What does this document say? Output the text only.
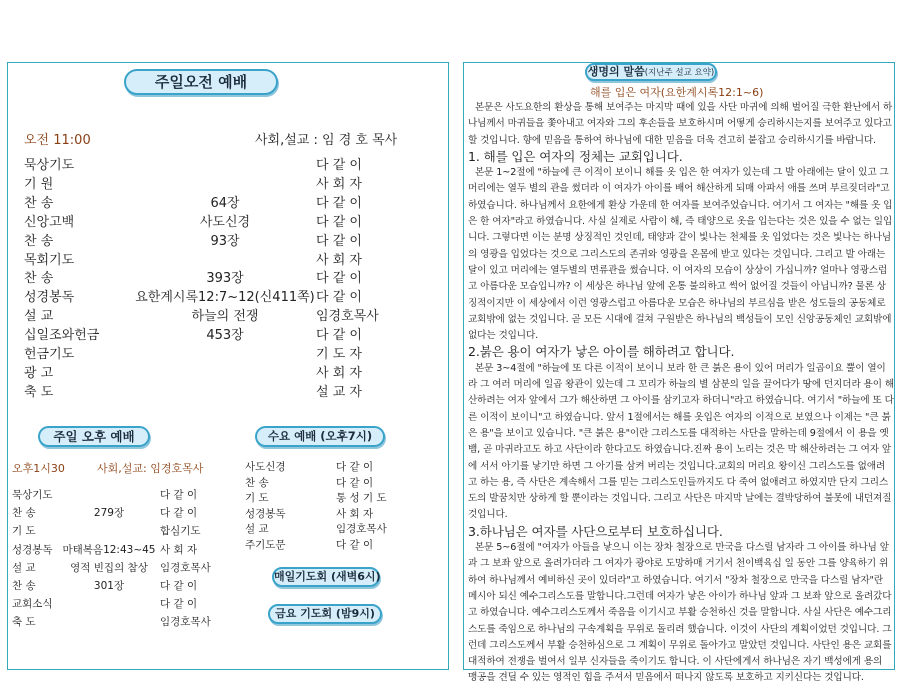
주일오전 예배
오전 11:00	사회,설교 : 임 경 호 목사
묵상기도	다 같 이
기 원	사 회 자
찬 송	64장	다 같 이
신앙고백	사도신경	다 같 이
찬 송	93장	다 같 이
목회기도	사 회 자
찬 송	393장	다 같 이
성경봉독	요한계시록12:7~12(신411쪽) 다 같 이
설 교	하늘의 전쟁	임경호목사
십일조와헌금	453장	다 같 이
헌금기도	기 도 자
광 고	사 회 자
축 도	설 교 자
주일 오후 예배
오후1시30	사회,설교: 임경호목사
묵상기도	다 같 이
찬 송	279장	다 같 이
기 도	합심기도
성경봉독 마태복음12:43~45 사 회 자
설 교	영적 빈집의 참상	임경호목사
찬 송	301장	다 같 이
교회소식	다 같 이
축 도	임경호목사
수요 예배 (오후7시)
사도신경	다 같 이
찬 송	다 같 이
기 도	통 성 기 도
성경봉독	사 회 자
설 교	임경호목사
주기도문	다 같 이
매일기도회 (새벽6시)
금요 기도회 (밤9시)
생명의 말씀(지난주 설교 요약)
해를 입은 여자(요한계시록12:1~6)

본문은 사도요한의 환상을 통해 보여주는 마지막 때에 있을 사단 마귀에 의해 벌어질 극한 환난에서 하나님께서 마귀들을 쫓아내고 여자와 그의 후손들을 보호하시며 어떻게 승리하시는지를 보여주고 있다고 할 것입니다. 향에 믿음을 통하여 하나님에 대한 믿음을 더욱 견고히 붙잡고 승리하시기를 바랍니다.

1. 해를 입은 여자의 정체는 교회입니다.

본문 1~2절에 "하늘에 큰 이적이 보이니 해를 옷 입은 한 여자가 있는데 그 발 아래에는 달이 있고 그 머리에는 열두 별의 관을 썼더라 이 여자가 아이를 배어 해산하게 되매 아파서 애를 쓰며 부르짖더라"고 하였습니다. 하나님께서 요한에게 환상 가운데 한 여자를 보여주었습니다. 여기서 그 여자는 "해를 옷 입은 한 여자"라고 하였습니다. 사실 실제로 사람이 해, 즉 태양으로 옷을 입는다는 것은 있을 수 없는 일입니다. 그렇다면 이는 분명 상징적인 것인데, 태양과 같이 빛나는 천체를 옷 입었다는 것은 빛나는 하나님의 영광을 입었다는 것으로 그리스도의 존귀와 영광을 온몸에 받고 있다는 것입니다. 그리고 발 아래는 달이 있고 머리에는 열두별의 면류관을 썼습니다. 이 여자의 모습이 상상이 가십니까? 얼마나 영광스럽고 아름다운 모습입니까? 이 세상은 하나님 앞에 온통 불의하고 썩어 없어질 것들이 아닙니까? 물론 상징적이지만 이 세상에서 이런 영광스럽고 아름다운 모습은 하나님의 부르심을 받은 성도들의 공동체로 교회밖에 없는 것입니다. 곧 모든 시대에 걸쳐 구원받은 하나님의 백성들이 모인 신앙공동체인 교회밖에 없다는 것입니다.

2.붉은 용이 여자가 낳은 아이를 해하려고 합니다.

본문 3~4절에 "하늘에 또 다른 이적이 보이니 보라 한 큰 붉은 용이 있어 머리가 일곱이요 뿔이 열이라 그 여러 머리에 일곱 왕관이 있는데 그 꼬리가 하늘의 별 삼분의 일을 끌어다가 땅에 던지더라 용이 해산하려는 여자 앞에서 그가 해산하면 그 아이를 삼키고자 하더니"라고 하였습니다. 여기서 "하늘에 또 다른 이적이 보이니"고 하였습니다. 앞서 1절에서는 해를 옷입은 여자의 이적으로 보였으나 이제는 "큰 붉은 용"을 보이고 있습니다. "큰 붉은 용"이란 그리스도를 대적하는 사단을 말하는데 9절에서 이 용을 옛뱀, 곧 마귀라고도 하고 사단이라 한다고도 하였습니다.진짜 용이 노리는 것은 막 해산하려는 그 여자 앞에 서서 아기를 낳기만 하면 그 아기를 삼켜 버리는 것입니다.교회의 머리요 왕이신 그리스도를 없애려고 하는 용, 즉 사단은 계속해서 그를 믿는 그리스도인들까지도 다 죽여 없애려고 하였지만 단지 그리스도의 발꿈치만 상하게 할 뿐이라는 것입니다. 그리고 사단은 마지막 날에는 결박당하여 불못에 내던져질 것입니다.

3.하나님은 여자를 사단으로부터 보호하십니다.

본문 5~6절에 "여자가 아들을 낳으니 이는 장차 철장으로 만국을 다스릴 남자라 그 아이를 하나님 앞과 그 보좌 앞으로 올려가더라 그 여자가 광야로 도망하매 거기서 천이백육십 일 동안 그를 양육하기 위하여 하나님께서 예비하신 곳이 있더라"고 하였습니다. 여기서 "장차 철장으로 만국을 다스릴 남자"란 메시아 되신 예수그리스도를 말합니다.그런데 여자가 낳은 아이가 하나님 앞과 그 보좌 앞으로 올려갔다고 하였습니다. 예수그리스도께서 죽음을 이기시고 부활 승천하신 것을 말합니다. 사실 사단은 예수그리스도를 죽임으로 하나님의 구속계획을 무위로 돌리려 했습니다. 이것이 사단의 계획이었던 것입니다. 그런데 그리스도께서 부활 승천하심으로 그 계획이 무위로 돌아가고 말았던 것입니다. 사단인 용은 교회를 대적하여 전쟁을 벌여서 일부 신자들을 죽이기도 합니다. 이 사단에게서 하나님은 자기 백성에게 용의 맹공을 견딜 수 있는 영적인 힘을 주셔서 믿음에서 떠나지 않도록 보호하고 지키신다는 것입니다.
